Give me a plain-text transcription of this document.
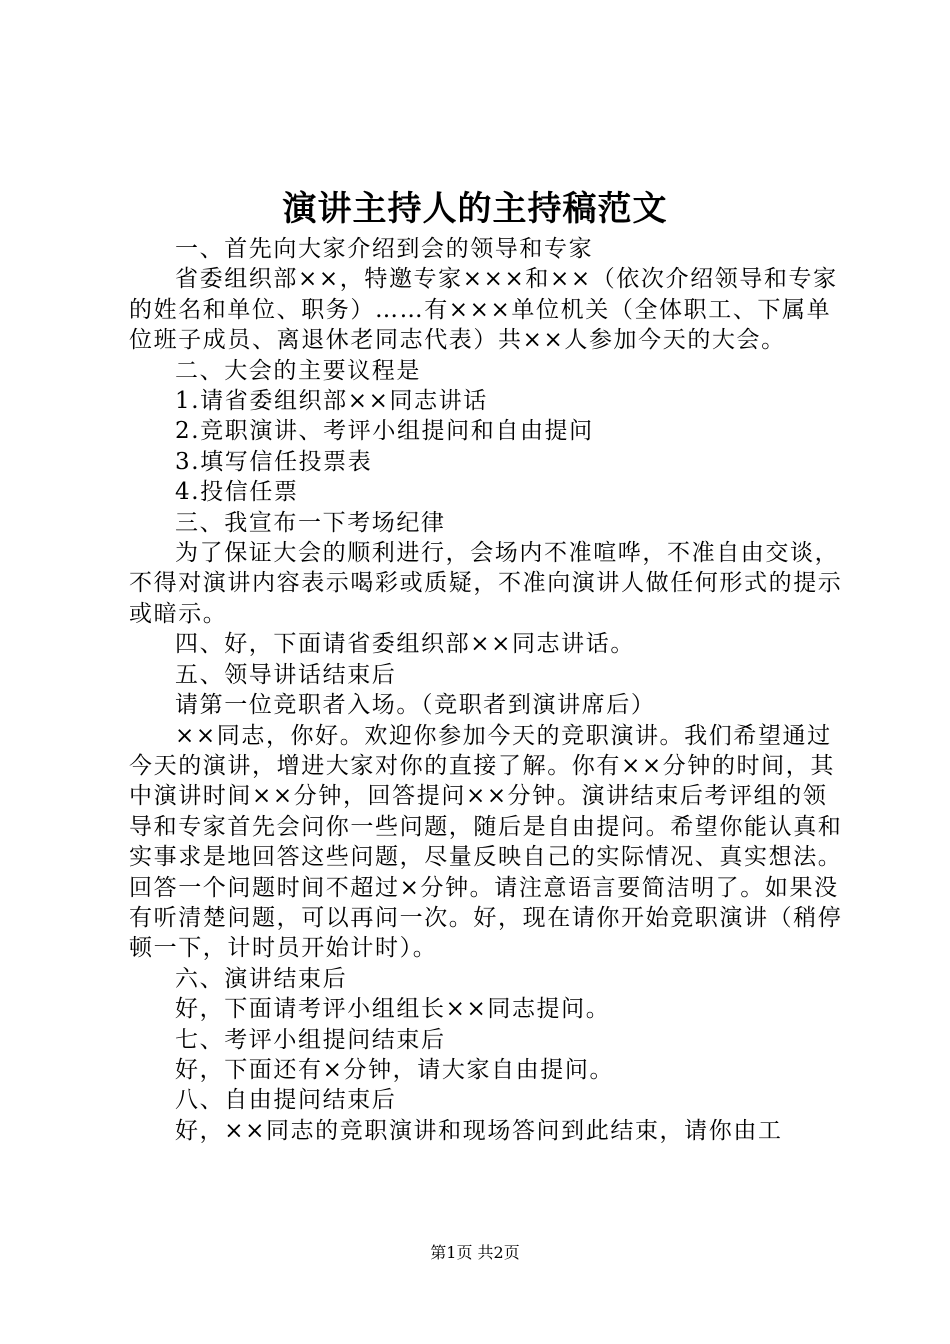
演讲主持人的主持稿范文

一、首先向大家介绍到会的领导和专家

省委组织部××，特邀专家×××和××（依次介绍领导和专家的姓名和单位、职务）……有×××单位机关（全体职工、下属单位班子成员、离退休老同志代表）共××人参加今天的大会。

二、大会的主要议程是

1.请省委组织部××同志讲话

2.竞职演讲、考评小组提问和自由提问

3.填写信任投票表

4.投信任票

三、我宣布一下考场纪律

为了保证大会的顺利进行，会场内不准喧哗，不准自由交谈，不得对演讲内容表示喝彩或质疑，不准向演讲人做任何形式的提示或暗示。

四、好，下面请省委组织部××同志讲话。

五、领导讲话结束后

请第一位竞职者入场。（竞职者到演讲席后）

××同志，你好。欢迎你参加今天的竞职演讲。我们希望通过今天的演讲，增进大家对你的直接了解。你有××分钟的时间，其中演讲时间××分钟，回答提问××分钟。演讲结束后考评组的领导和专家首先会问你一些问题，随后是自由提问。希望你能认真和实事求是地回答这些问题，尽量反映自己的实际情况、真实想法。回答一个问题时间不超过×分钟。请注意语言要简洁明了。如果没有听清楚问题，可以再问一次。好，现在请你开始竞职演讲（稍停顿一下，计时员开始计时）。

六、演讲结束后

好，下面请考评小组组长××同志提问。

七、考评小组提问结束后

好，下面还有×分钟，请大家自由提问。

八、自由提问结束后

好，××同志的竞职演讲和现场答问到此结束，请你由工

第1页 共2页
